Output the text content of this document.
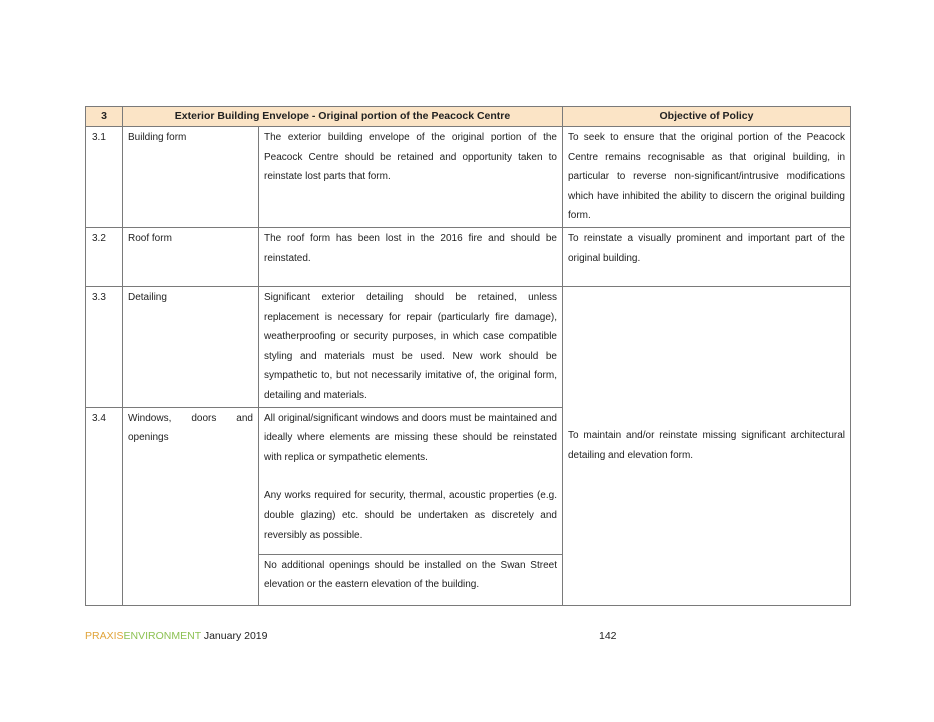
3	Exterior Building Envelope - Original portion of the Peacock Centre		Objective of Policy
3.1	Building form	The exterior building envelope of the original portion of the Peacock Centre should be retained and opportunity taken to reinstate lost parts that form.	To seek to ensure that the original portion of the Peacock Centre remains recognisable as that original building, in particular to reverse non-significant/intrusive modifications which have inhibited the ability to discern the original building form.
3.2	Roof form	The roof form has been lost in the 2016 fire and should be reinstated.	To reinstate a visually prominent and important part of the original building.
3.3	Detailing	Significant exterior detailing should be retained, unless replacement is necessary for repair (particularly fire damage), weatherproofing or security purposes, in which case compatible styling and materials must be used. New work should be sympathetic to, but not necessarily imitative of, the original form, detailing and materials.	To maintain and/or reinstate missing significant architectural detailing and elevation form.
3.4	Windows, doors and openings	All original/significant windows and doors must be maintained and ideally where elements are missing these should be reinstated with replica or sympathetic elements.
Any works required for security, thermal, acoustic properties (e.g. double glazing) etc. should be undertaken as discretely and reversibly as possible.
No additional openings should be installed on the Swan Street elevation or the eastern elevation of the building.	
PRAXISENVIRONMENT January 2019	142
